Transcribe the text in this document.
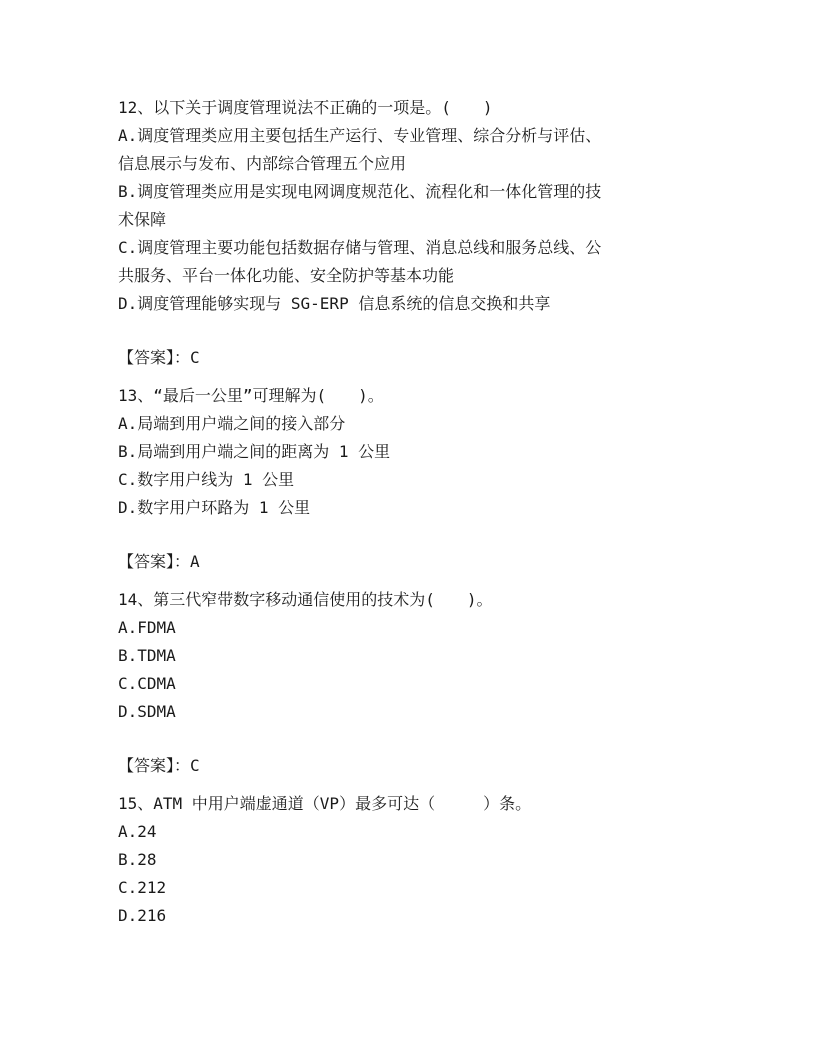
12、以下关于调度管理说法不正确的一项是。(　　)
A.调度管理类应用主要包括生产运行、专业管理、综合分析与评估、
信息展示与发布、内部综合管理五个应用
B.调度管理类应用是实现电网调度规范化、流程化和一体化管理的技
术保障
C.调度管理主要功能包括数据存储与管理、消息总线和服务总线、公
共服务、平台一体化功能、安全防护等基本功能
D.调度管理能够实现与 SG-ERP 信息系统的信息交换和共享
【答案】：C
13、“最后一公里”可理解为(　　)。
A.局端到用户端之间的接入部分
B.局端到用户端之间的距离为 1 公里
C.数字用户线为 1 公里
D.数字用户环路为 1 公里
【答案】：A
14、第三代窄带数字移动通信使用的技术为(　　)。
A.FDMA
B.TDMA
C.CDMA
D.SDMA
【答案】：C
15、ATM 中用户端虚通道（VP）最多可达（　　　）条。
A.24
B.28
C.212
D.216
